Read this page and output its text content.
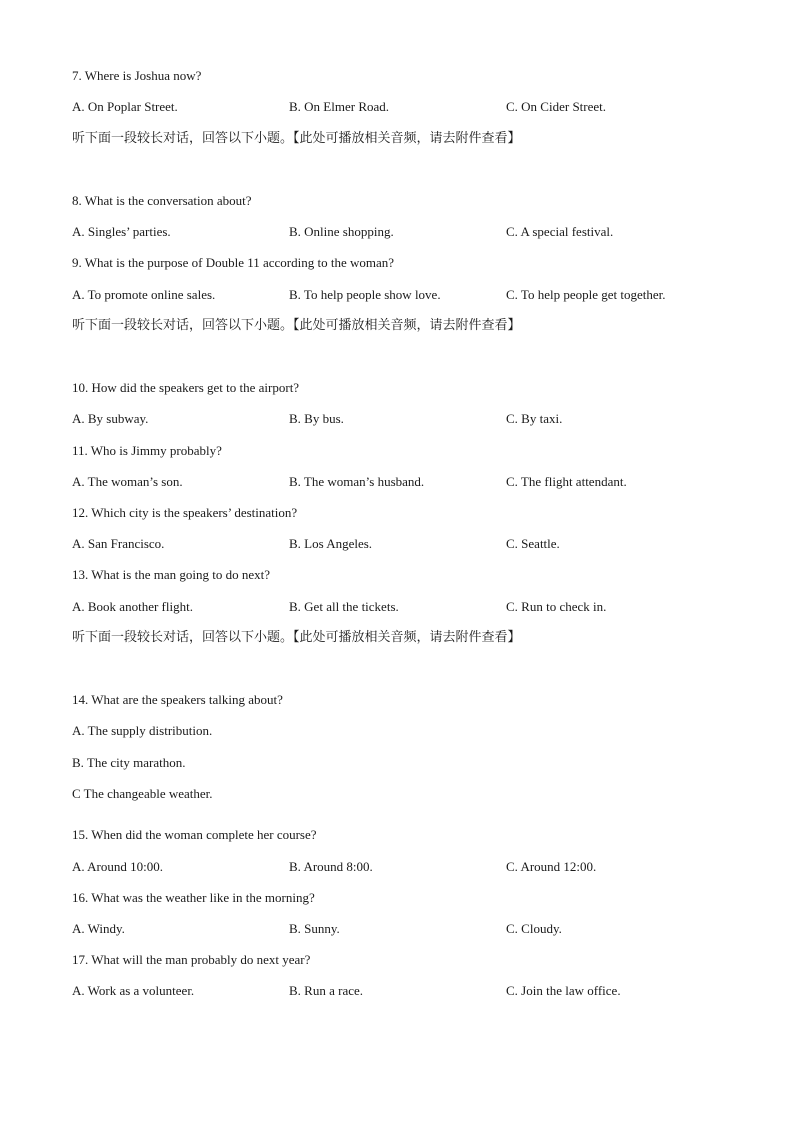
7. Where is Joshua now?
A. On Poplar Street.	B. On Elmer Road.	C. On Cider Street.
听下面一段较长对话，回答以下小题。【此处可播放相关音频，请去附件查看】
8. What is the conversation about?
A. Singles’ parties.	B. Online shopping.	C. A special festival.
9. What is the purpose of Double 11 according to the woman?
A. To promote online sales.	B. To help people show love.	C. To help people get together.
听下面一段较长对话，回答以下小题。【此处可播放相关音频，请去附件查看】
10. How did the speakers get to the airport?
A. By subway.	B. By bus.	C. By taxi.
11. Who is Jimmy probably?
A. The woman’s son.	B. The woman’s husband.	C. The flight attendant.
12. Which city is the speakers’ destination?
A. San Francisco.	B. Los Angeles.	C. Seattle.
13. What is the man going to do next?
A. Book another flight.	B. Get all the tickets.	C. Run to check in.
听下面一段较长对话，回答以下小题。【此处可播放相关音频，请去附件查看】
14. What are the speakers talking about?
A. The supply distribution.
B. The city marathon.
C The changeable weather.
15. When did the woman complete her course?
A. Around 10:00.	B. Around 8:00.	C. Around 12:00.
16. What was the weather like in the morning?
A. Windy.	B. Sunny.	C. Cloudy.
17. What will the man probably do next year?
A. Work as a volunteer.	B. Run a race.	C. Join the law office.
